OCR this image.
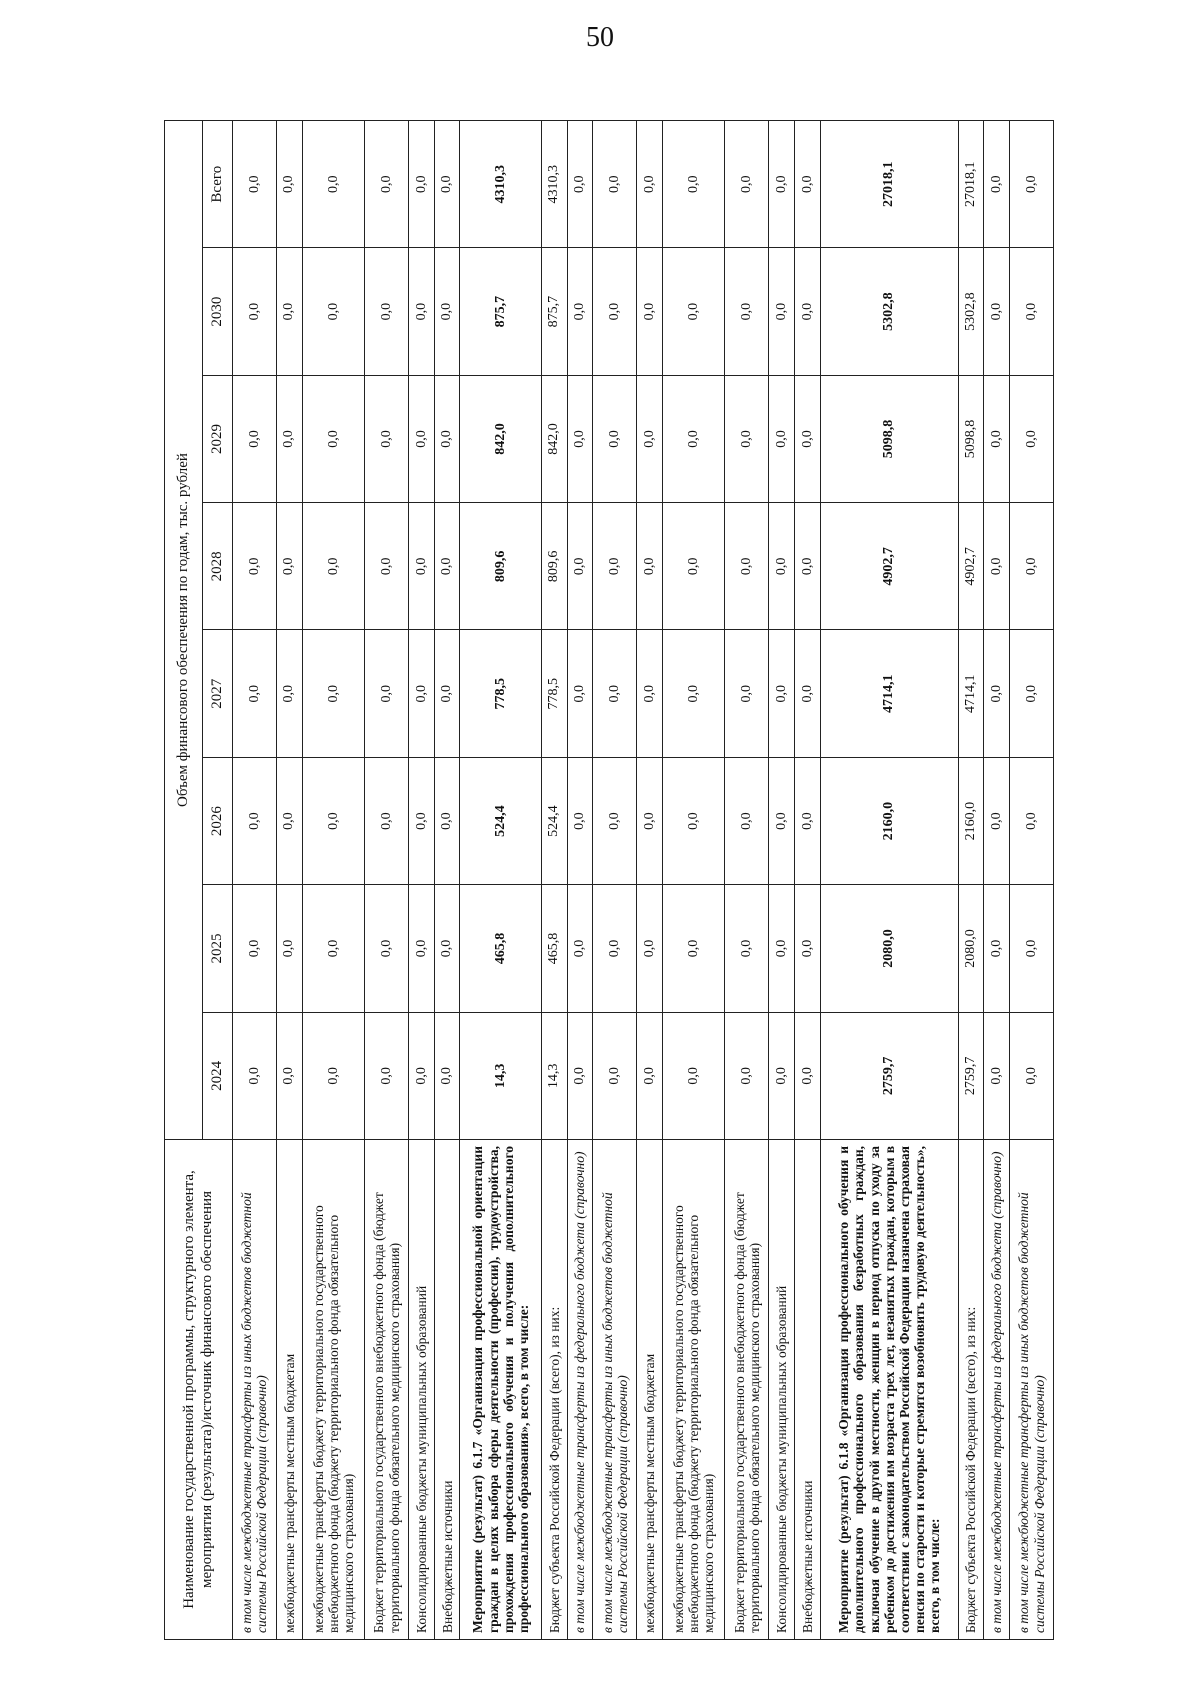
50
Наименование государственной программы, структурного элемента, мероприятия (результата)/источник финансового обеспечения	Объем финансового обеспечения по годам, тыс. рублей							
	2024	2025	2026	2027	2028	2029	2030	Всего
в том числе межбюджетные трансферты из иных бюджетов бюджетной системы Российской Федерации (справочно)	0,0	0,0	0,0	0,0	0,0	0,0	0,0	0,0
межбюджетные трансферты местным бюджетам	0,0	0,0	0,0	0,0	0,0	0,0	0,0	0,0
межбюджетные трансферты бюджету территориального государственного внебюджетного фонда (бюджету территориального фонда обязательного медицинского страхования)	0,0	0,0	0,0	0,0	0,0	0,0	0,0	0,0
Бюджет территориального государственного внебюджетного фонда (бюджет территориального фонда обязательного медицинского страхования)	0,0	0,0	0,0	0,0	0,0	0,0	0,0	0,0
Консолидированные бюджеты муниципальных образований	0,0	0,0	0,0	0,0	0,0	0,0	0,0	0,0
Внебюджетные источники	0,0	0,0	0,0	0,0	0,0	0,0	0,0	0,0
Мероприятие (результат) 6.1.7 «Организация профессиональной ориентации граждан в целях выбора сферы деятельности (профессии), трудоустройства, прохождения профессионального обучения и получения дополнительного профессионального образования», всего, в том числе:	14,3	465,8	524,4	778,5	809,6	842,0	875,7	4310,3
Бюджет субъекта Российской Федерации (всего), из них:	14,3	465,8	524,4	778,5	809,6	842,0	875,7	4310,3
в том числе межбюджетные трансферты из федерального бюджета (справочно)	0,0	0,0	0,0	0,0	0,0	0,0	0,0	0,0
в том числе межбюджетные трансферты из иных бюджетов бюджетной системы Российской Федерации (справочно)	0,0	0,0	0,0	0,0	0,0	0,0	0,0	0,0
межбюджетные трансферты местным бюджетам	0,0	0,0	0,0	0,0	0,0	0,0	0,0	0,0
межбюджетные трансферты бюджету территориального государственного внебюджетного фонда (бюджету территориального фонда обязательного медицинского страхования)	0,0	0,0	0,0	0,0	0,0	0,0	0,0	0,0
Бюджет территориального государственного внебюджетного фонда (бюджет территориального фонда обязательного медицинского страхования)	0,0	0,0	0,0	0,0	0,0	0,0	0,0	0,0
Консолидированные бюджеты муниципальных образований	0,0	0,0	0,0	0,0	0,0	0,0	0,0	0,0
Внебюджетные источники	0,0	0,0	0,0	0,0	0,0	0,0	0,0	0,0
Мероприятие (результат) 6.1.8 «Организация профессионального обучения и дополнительного профессионального образования безработных граждан, включая обучение в другой местности, женщин в период отпуска по уходу за ребенком до достижения им возраста трех лет, незанятых граждан, которым в соответствии с законодательством Российской Федерации назначена страховая пенсия по старости и которые стремятся возобновить трудовую деятельность», всего, в том числе:	2759,7	2080,0	2160,0	4714,1	4902,7	5098,8	5302,8	27018,1
Бюджет субъекта Российской Федерации (всего), из них:	2759,7	2080,0	2160,0	4714,1	4902,7	5098,8	5302,8	27018,1
в том числе межбюджетные трансферты из федерального бюджета (справочно)	0,0	0,0	0,0	0,0	0,0	0,0	0,0	0,0
в том числе межбюджетные трансферты из иных бюджетов бюджетной системы Российской Федерации (справочно)	0,0	0,0	0,0	0,0	0,0	0,0	0,0	0,0
